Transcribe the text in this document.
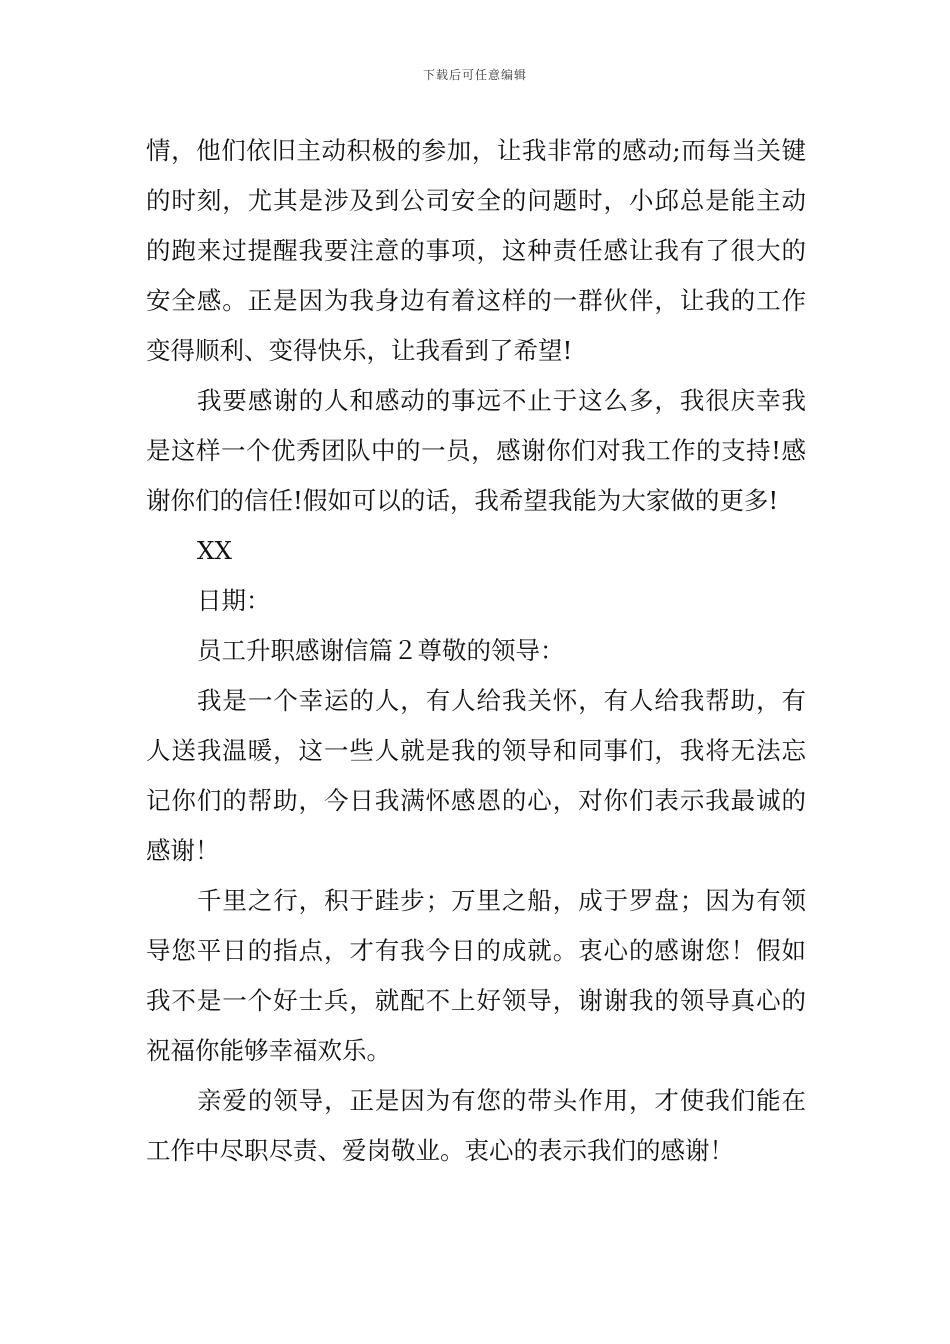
下载后可任意编辑

情，他们依旧主动积极的参加，让我非常的感动;而每当关键的时刻，尤其是涉及到公司安全的问题时，小邱总是能主动的跑来过提醒我要注意的事项，这种责任感让我有了很大的安全感。正是因为我身边有着这样的一群伙伴，让我的工作变得顺利、变得快乐，让我看到了希望!

我要感谢的人和感动的事远不止于这么多，我很庆幸我是这样一个优秀团队中的一员，感谢你们对我工作的支持!感谢你们的信任!假如可以的话，我希望我能为大家做的更多!

XX

日期：

员工升职感谢信篇２尊敬的领导：

我是一个幸运的人，有人给我关怀，有人给我帮助，有人送我温暖，这一些人就是我的领导和同事们，我将无法忘记你们的帮助，今日我满怀感恩的心，对你们表示我最诚的感谢！

千里之行，积于跬步；万里之船，成于罗盘；因为有领导您平日的指点，才有我今日的成就。衷心的感谢您！假如我不是一个好士兵，就配不上好领导，谢谢我的领导真心的祝福你能够幸福欢乐。

亲爱的领导，正是因为有您的带头作用，才使我们能在工作中尽职尽责、爱岗敬业。衷心的表示我们的感谢！
